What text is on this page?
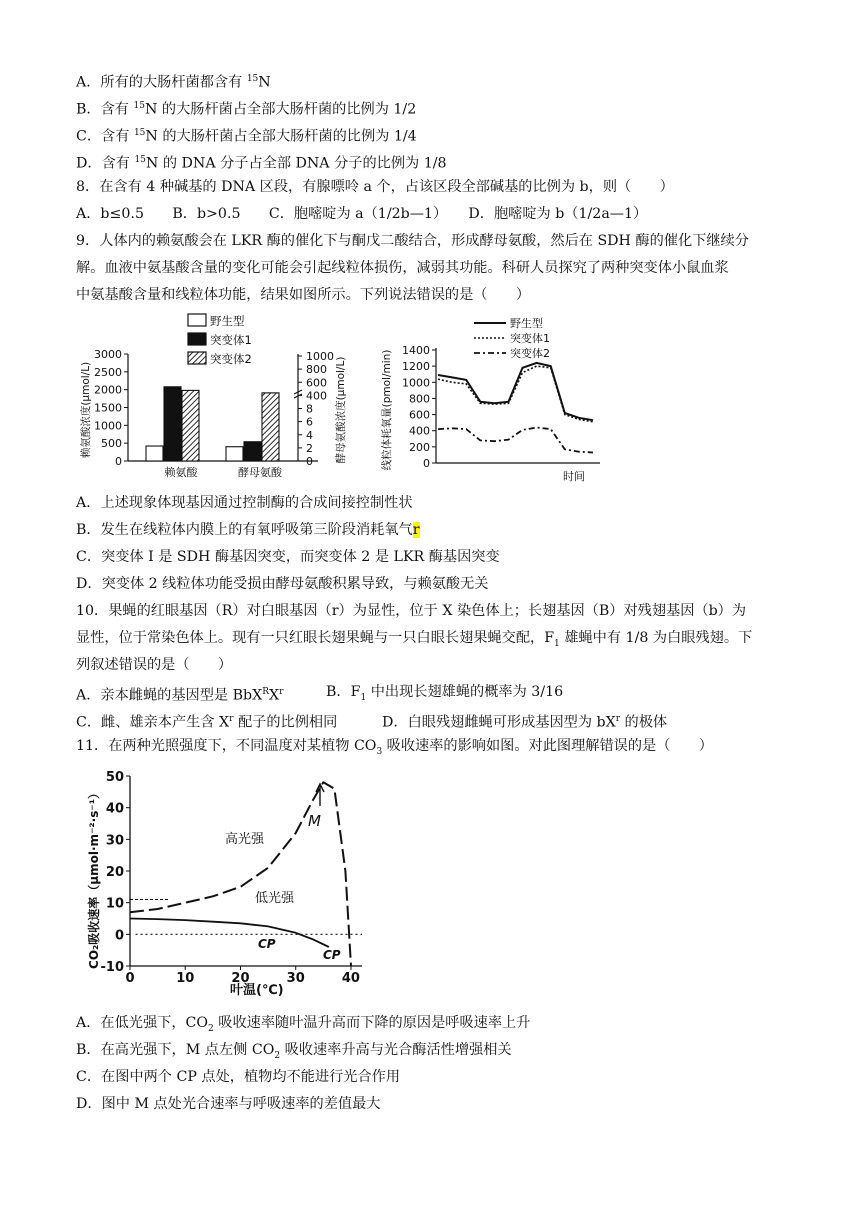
A．所有的大肠杆菌都含有 $^{15}$N
B．含有 $^{15}$N 的大肠杆菌占全部大肠杆菌的比例为 1/2
C．含有 $^{15}$N 的大肠杆菌占全部大肠杆菌的比例为 1/4
D．含有 $^{15}$N 的 DNA 分子占全部 DNA 分子的比例为 1/8
8．在含有 4 种碱基的 DNA 区段，有腺嘌呤 a 个，占该区段全部碱基的比例为 b，则（　　）
A．b≤0.5　　B．b>0.5　　C．胞嘧啶为 a（1/2b—1）　　D．胞嘧啶为 b（1/2a—1）
9．人体内的赖氨酸会在 LKR 酶的催化下与酮戊二酸结合，形成酵母氨酸，然后在 SDH 酶的催化下继续分
解。血液中氨基酸含量的变化可能会引起线粒体损伤，减弱其功能。科研人员探究了两种突变体小鼠血浆
中氨基酸含量和线粒体功能，结果如图所示。下列说法错误的是（　　）
野生型
突变体1
突变体2
赖氨酸浓度(μmol/L)	酵母氨酸浓度(μmol/L)
3000
2500
2000
1500
1000
500
0
1000
800
600
400
8
6
4
2
0
赖氨酸	酵母氨酸
野生型
突变体1
突变体2
线粒体耗氧量(pmol/min) 1400
1200
1000
800
600
400
200
0
时间
A．上述现象体现基因通过控制酶的合成间接控制性状
B．发生在线粒体内膜上的有氧呼吸第三阶段消耗氧气r
C．突变体 I 是 SDH 酶基因突变，而突变体 2 是 LKR 酶基因突变
D．突变体 2 线粒体功能受损由酵母氨酸积累导致，与赖氨酸无关
10．果蝇的红眼基因（R）对白眼基因（r）为显性，位于 X 染色体上；长翅基因（B）对残翅基因（b）为
显性，位于常染色体上。现有一只红眼长翅果蝇与一只白眼长翅果蝇交配，$F_1$ 雄蝇中有 1/8 为白眼残翅。下
列叙述错误的是（　　）
A．亲本雌蝇的基因型是 $BbX^RX^r$	B．$F_1$ 中出现长翅雄蝇的概率为 3/16
C．雌、雄亲本产生含 $X^r$ 配子的比例相同	D．白眼残翅雌蝇可形成基因型为 $bX^r$ 的极体
11．在两种光照强度下，不同温度对某植物 $CO_3$ 吸收速率的影响如图。对此图理解错误的是（　　）
CO₂吸收速率（μmol·m⁻²·s⁻¹）
50
40
30
20
10
0
-10
0	10	20	30	40
高光强
低光强
M
CP
CP
叶温(℃)
A．在低光强下，$CO_2$ 吸收速率随叶温升高而下降的原因是呼吸速率上升
B．在高光强下，M 点左侧 $CO_2$ 吸收速率升高与光合酶活性增强相关
C．在图中两个 CP 点处，植物均不能进行光合作用
D．图中 M 点处光合速率与呼吸速率的差值最大
